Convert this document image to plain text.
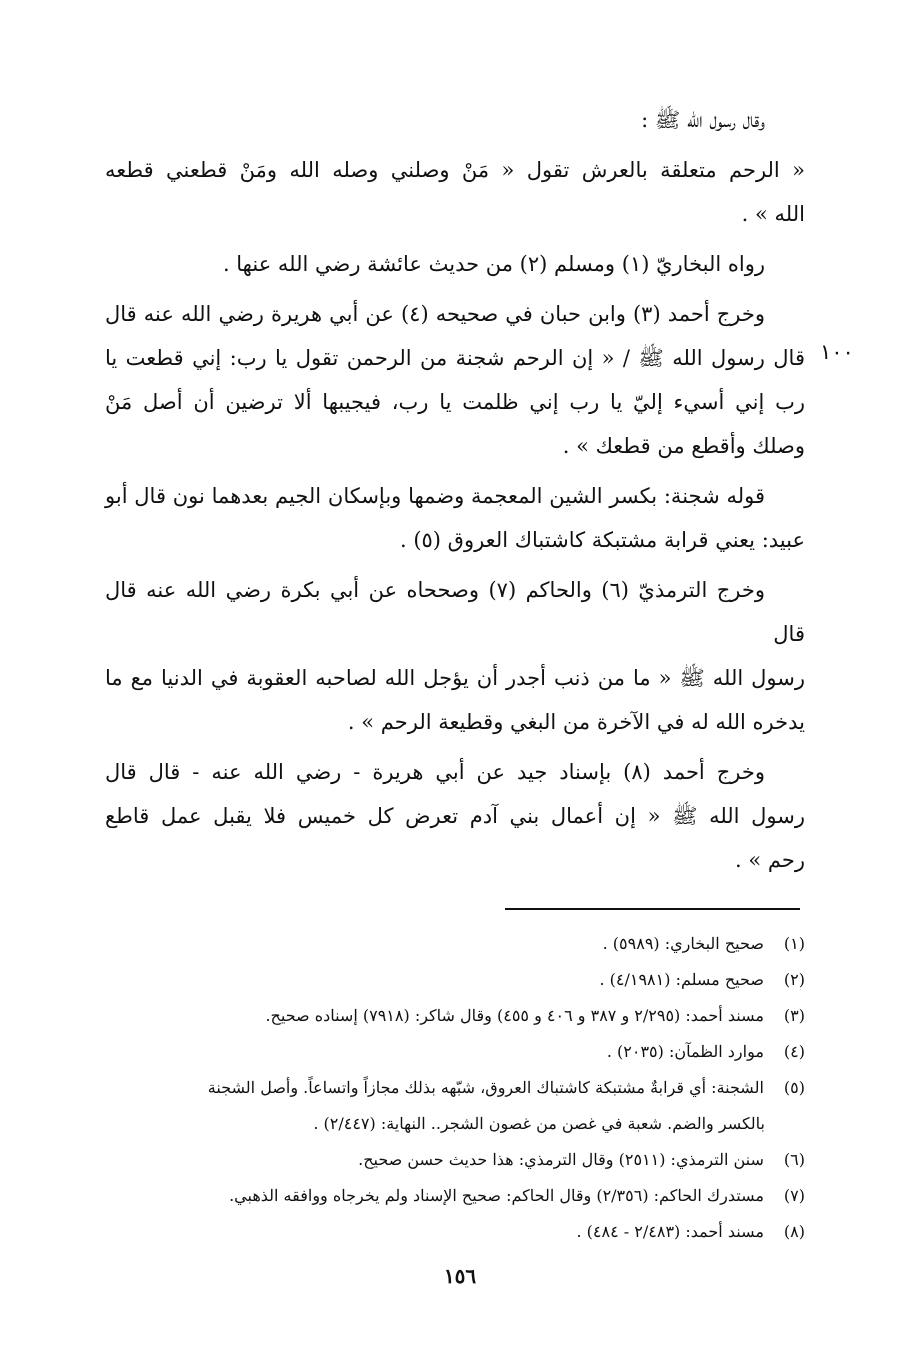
١٠٠

وقال رسول الله ﷺ :

« الرحم متعلقة بالعرش تقول « مَنْ وصلني وصله الله ومَنْ قطعني قطعه
الله » .

رواه البخاريّ (١) ومسلم (٢) من حديث عائشة رضي الله عنها .

وخرج أحمد (٣) وابن حبان في صحيحه (٤) عن أبي هريرة رضي الله عنه قال
قال رسول الله ﷺ / « إن الرحم شجنة من الرحمن تقول يا رب: إني قطعت يا
رب إني أسيء إليّ يا رب إني ظلمت يا رب، فيجيبها ألا ترضين أن أصل مَنْ
وصلك وأقطع من قطعك » .

قوله شجنة: بكسر الشين المعجمة وضمها وبإسكان الجيم بعدهما نون قال أبو
عبيد: يعني قرابة مشتبكة كاشتباك العروق (٥) .

وخرج الترمذيّ (٦) والحاكم (٧) وصححاه عن أبي بكرة رضي الله عنه قال قال
رسول الله ﷺ « ما من ذنب أجدر أن يؤجل الله لصاحبه العقوبة في الدنيا مع ما
يدخره الله له في الآخرة من البغي وقطيعة الرحم » .

وخرج أحمد (٨) بإسناد جيد عن أبي هريرة - رضي الله عنه - قال قال
رسول الله ﷺ « إن أعمال بني آدم تعرض كل خميس فلا يقبل عمل قاطع
رحم » .

(١) صحيح البخاري: (٥٩٨٩) .
(٢) صحيح مسلم: (٤/١٩٨١) .
(٣) مسند أحمد: (٢/٢٩٥ و ٣٨٧ و ٤٠٦ و ٤٥٥) وقال شاكر: (٧٩١٨) إسناده صحيح.
(٤) موارد الظمآن: (٢٠٣٥) .
(٥) الشجنة: أي قرابةٌ مشتبكة كاشتباك العروق، شبّهه بذلك مجازاً واتساعاً. وأصل الشجنة
بالكسر والضم. شعبة في غصن من غصون الشجر.. النهاية: (٢/٤٤٧) .
(٦) سنن الترمذي: (٢٥١١) وقال الترمذي: هذا حديث حسن صحيح.
(٧) مستدرك الحاكم: (٢/٣٥٦) وقال الحاكم: صحيح الإسناد ولم يخرجاه ووافقه الذهبي.
(٨) مسند أحمد: (٢/٤٨٣ - ٤٨٤) .
١٥٦
